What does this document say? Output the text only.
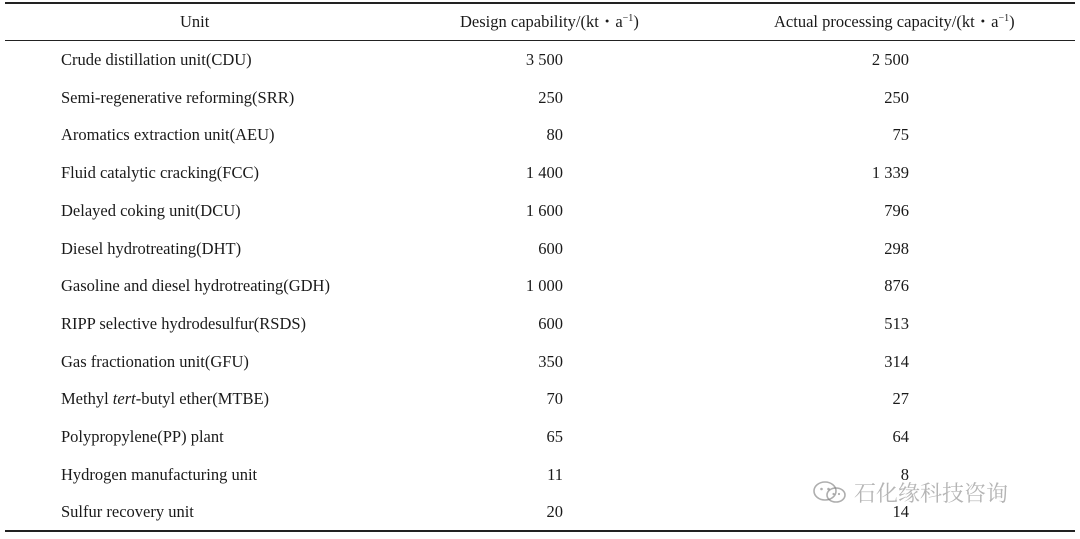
Unit	Design capability/(kt・$a^{-1}$)	Actual processing capacity/(kt・$a^{-1}$)
Crude distillation unit(CDU)	3 500	2 500
Semi-regenerative reforming(SRR)	250	250
Aromatics extraction unit(AEU)	80	75
Fluid catalytic cracking(FCC)	1 400	1 339
Delayed coking unit(DCU)	1 600	796
Diesel hydrotreating(DHT)	600	298
Gasoline and diesel hydrotreating(GDH)	1 000	876
RIPP selective hydrodesulfur(RSDS)	600	513
Gas fractionation unit(GFU)	350	314
Methyl tert-butyl ether(MTBE)	70	27
Polypropylene(PP) plant	65	64
Hydrogen manufacturing unit	11	8
Sulfur recovery unit	20	14
石化缘科技咨询
